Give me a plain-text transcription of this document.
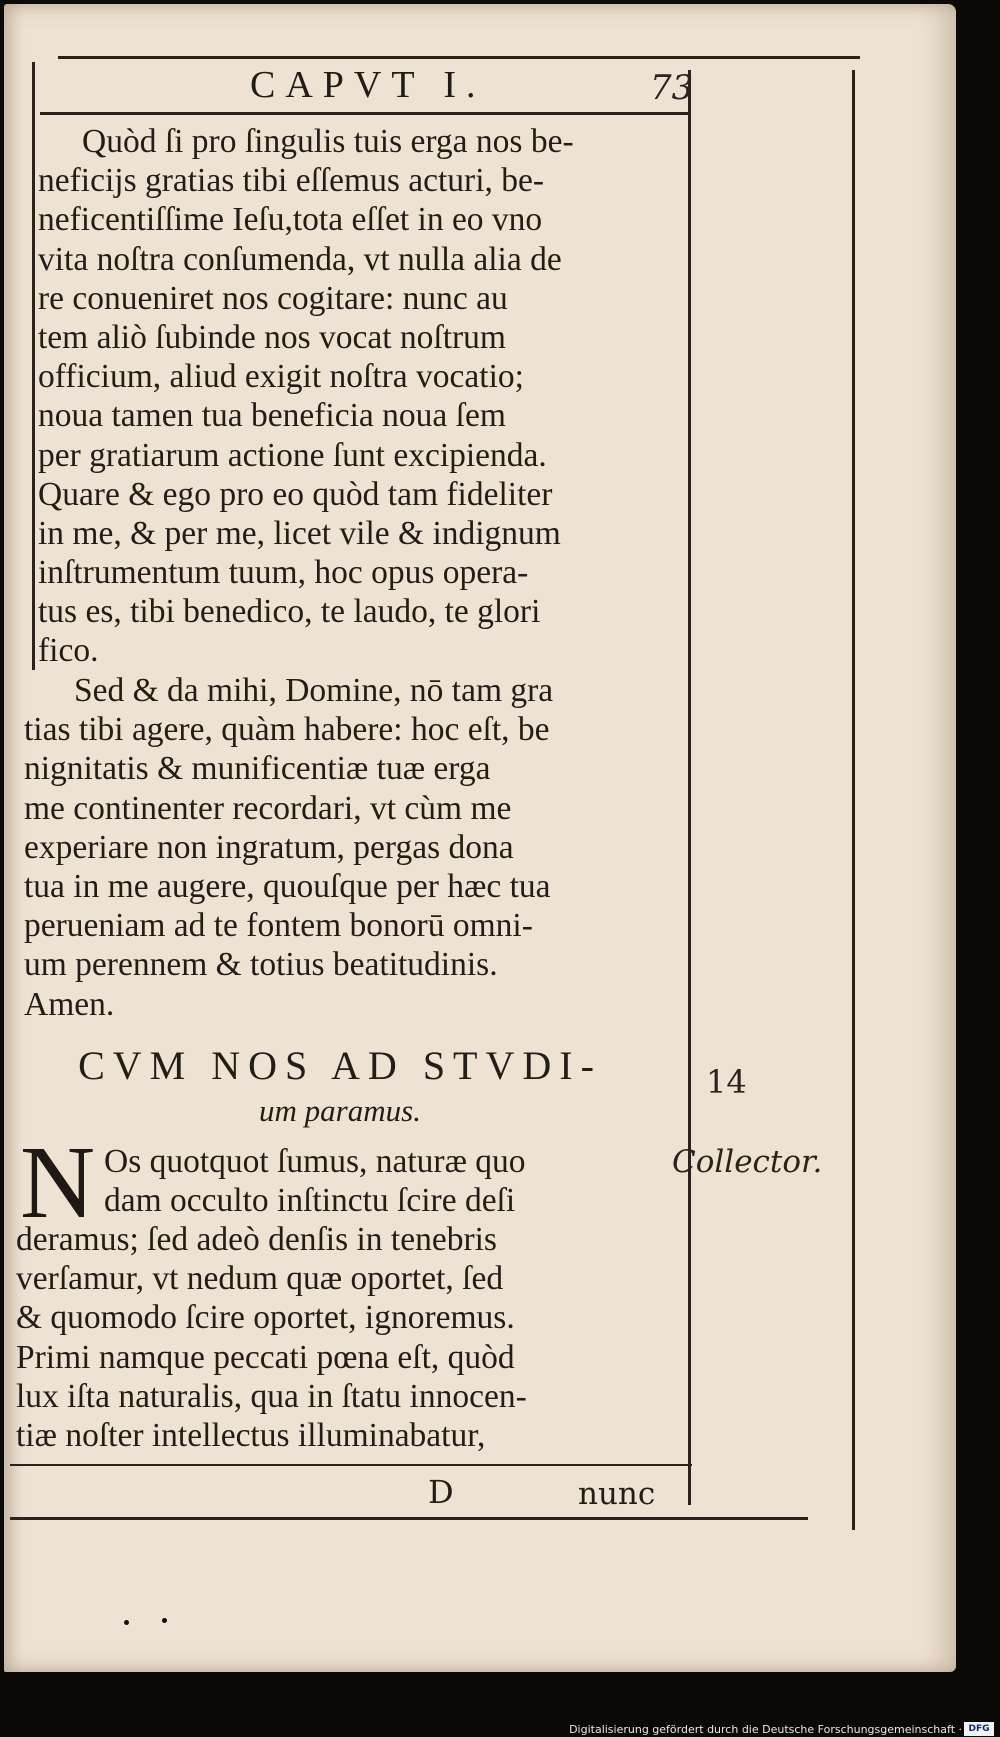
CAPVT I.	73
Quòd ſi pro ſingulis tuis erga nos be-
neficijs gratias tibi eſſemus acturi, be-
neficentiſſime Ieſu,tota eſſet in eo vno
vita noſtra conſumenda, vt nulla alia de
re conueniret nos cogitare: nunc au
tem aliò ſubinde nos vocat noſtrum
officium, aliud exigit noſtra vocatio;
noua tamen tua beneficia noua ſem
per gratiarum actione ſunt excipienda.
Quare & ego pro eo quòd tam fideliter
in me, & per me, licet vile & indignum
inſtrumentum tuum, hoc opus opera-
tus es, tibi benedico, te laudo, te glori
fico.
Sed & da mihi, Domine, nō tam gra
tias tibi agere, quàm habere: hoc eſt, be
nignitatis & munificentiæ tuæ erga
me continenter recordari, vt cùm me
experiare non ingratum, pergas dona
tua in me augere, quouſque per hæc tua
perueniam ad te fontem bonorū omni-
um perennem & totius beatitudinis.
Amen.
CVM NOS AD STVDI-
um paramus.
N Os quotquot ſumus, naturæ quo
dam occulto inſtinctu ſcire deſi
deramus; ſed adeò denſis in tenebris
verſamur, vt nedum quæ oportet, ſed
& quomodo ſcire oportet, ignoremus.
Primi namque peccati pœna eſt, quòd
lux iſta naturalis, qua in ſtatu innocen-
tiæ noſter intellectus illuminabatur,
14
Collector.
D	nunc
Digitalisierung gefördert durch die Deutsche Forschungsgemeinschaft · DFG
